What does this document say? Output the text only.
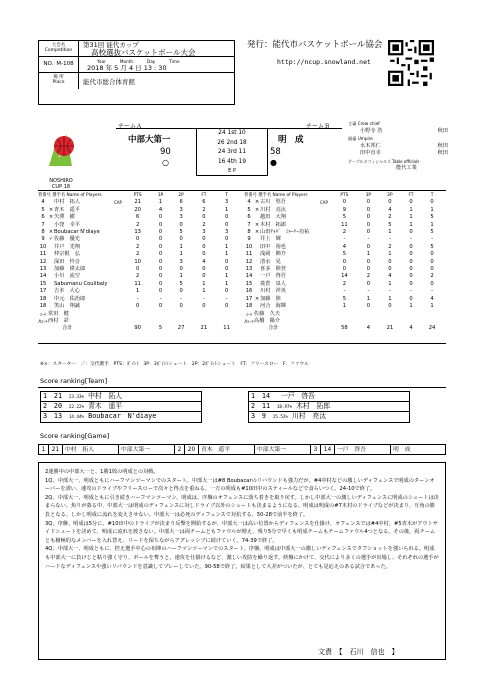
大会名
Competition
第31回 能代カップ
高校選抜バスケットボール大会
NO. M-108
Year	Month	Day	Time
2018 年 5 月 4 日 13 : 30
場 所
Place	能代市総合体育館
発行：能代市バスケットボール協会
http://ncup.snowland.net
NOSHIRO
CUP 18
チームＡ	チームＢ
中部大第一	明　成
90	58
○	●
24 1st 10
26 2nd 18
24 3rd 11
16 4th 19
E P
主審 Crew chief
小野寺 浩	秋田
副審 Umpire
水木邦仁	秋田
田中直幸	秋田
テーブルオフィシャルズ Table officials
能代工業
背番号 選手名 Name of Players				PTS	3P	2P	FT	T
4		中村　拓人	CAP	21	1	6	6	3
5	×	青木　遥平		20	4	3	2	1
6	×	矢澤　樹		6	0	3	0	0
7		小窪　幸平		2	0	0	2	0
8	×	Boubacar N'diaye		13	0	5	3	3
9	✓	佐藤　優光		0	0	0	0	0
10		井戸　光翔		2	0	1	0	1
11		仲宗根　弘		2	0	1	0	1
12		深田　怜音		10	0	3	4	0
13		加藤　偉太郎		0	0	0	0	0
14		小川　流空		2	0	1	0	1
15		Sabumanu Coulibaly		11	0	5	1	1
17		吉本　大心		1	0	0	1	0
18		中元　佑治郎		-	-	-	-	-
18		笑山　翔誠		0	0	0	0	0
ｺｰﾁ	常田　健							
Aｺｰﾁ	西村　彩							
合計				90	5	27	21	11
背番号 選手名 Name of Players				PTS	3P	2P	FT	T
4	×	古川　堅吾	CAP	0	0	0	0	0
5	×	川村　亮汰		9	0	4	1	1
6		越田　大翔		5	0	2	1	5
7	×	木村　拓郎		11	0	5	1	1
8	×	山田ﾁｬﾊﾞ　ｼｬｰﾘｰ功祐		2	0	1	0	5
9		井上　輝		-	-	-	-	-
10		田中　裕也		4	0	2	0	5
11		浅岡　陣介		5	1	1	0	0
12		清水　晃		0	0	0	0	0
13		喜多　陸登		0	0	0	0	0
14		一戸　啓吾		14	2	4	0	2
15		菱倉　泉人		2	0	1	0	0
16		川村　祥英		-	-	-	-	-
17	×	加藤　陸		5	1	1	0	4
18		河合　海輝		1	0	0	1	1
ｺｰﾁ	佐藤　久夫							
Aｺｰﾁ	高橋　陽介							
合計				58	4	21	4	24
※×：スターター　／：交代選手　PTS：ﾎﾟｲﾝﾄ　3P：3ﾎﾟｲﾝﾄシュート　2P：2ﾎﾟｲﾝﾄシュート　FT：フリースロー　F：ファウル
Score ranking[Team]
1　 21　 23.33% 中村　拓人
2　 20　 22.22% 青木　遥平
3　 13　 14.44% Boubacar　N'diaye
1　 14　 一戸　啓吾
2　 11　 18.97% 木村　拓郎
3　 9　 15.52% 川村　亮汰
Score ranking[Game]
1	21	中村　拓人	中部大第一	2	20	青木　遥平	中部大第一	3	14	一戸　啓吾	明　成
2連勝中の中部大一と、1勝1敗の明成との対戦。
1Q、中部大一、明成ともにハーフマンツーマンでのスタート。中部大一は#8 Boubacarのリバウンドも強力だが、#4中村などの激しいディフェンスで明成のターンオーバーを誘い、速攻のドライブやフリースローで次々と得点を重ねる。一方の明成も#10田中のスティールなどで食らいつく。24-10で終了。
2Q、中部大一、明成ともに引き続きハーフマンツーマン。明成は、序盤のオフェンスに落ち着きを取り戻す。しかし中部大一の激しいディフェンスに明成のシュートは決まらない。焦りが募る中、中部大一は明成のディフェンスに対しドライブ以外のシュートも決まるようになる。明成は明成の#7木村のドライブなどが決まり、互角の勝負となる。しかし明成に流れを変えさせない。中部大一は必死のディフェンスで対抗する。50-28で前半を終了。
3Q、序盤、明成は5分に、#10田中のドライブが決まり反撃を開始するが、中部大一は高い位置からディフェンスを仕掛け、オフェンスでは#4中村、#5青木がアウトサイドシュートを決めて、明成に流れを渡さない。中部大一は両チームともファウルが増え、残り5分で早くも明成チームもチームファウル4つとなる。その後、両チームとも積極的なメンバーを入れ替え、リードを保ちながらアグレッシブに続けていく。74-39で終了。
4Q、中部大一、明成ともに、控え選手中心の布陣のハーフマンツーマンでのスタート。序盤、明成は中部大一の激しいディフェンスでタフショットを強いられる。明成も中部大一に負けじと粘り強く守り、ボールを奪うと、速攻を仕掛けるなど、激しい攻防を繰り返す。終盤にかけて、交代により多くの選手が出場し、それぞれの選手がハードなディフェンスや強いリバウンドを意識してプレーしていた。90-58で終了。結果として大差がついたが、とても見応えのある試合であった。
文責　【　石川　信也　】
